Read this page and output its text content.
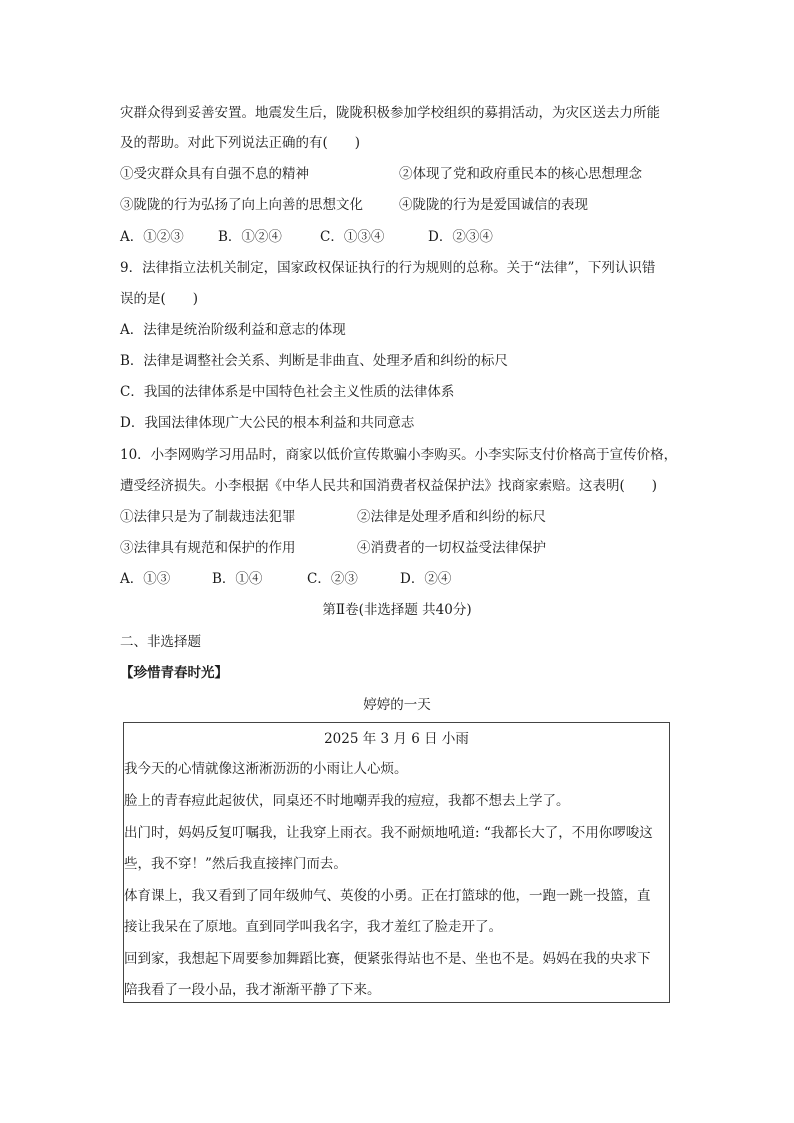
灾群众得到妥善安置。地震发生后，陇陇积极参加学校组织的募捐活动，为灾区送去力所能
及的帮助。对此下列说法正确的有(　　)
①受灾群众具有自强不息的精神	②体现了党和政府重民本的核心思想理念
③陇陇的行为弘扬了向上向善的思想文化	④陇陇的行为是爱国诚信的表现
A．①②③	B．①②④	C．①③④	D．②③④
9．法律指立法机关制定，国家政权保证执行的行为规则的总称。关于“法律”，下列认识错
误的是(　　)
A．法律是统治阶级利益和意志的体现
B．法律是调整社会关系、判断是非曲直、处理矛盾和纠纷的标尺
C．我国的法律体系是中国特色社会主义性质的法律体系
D．我国法律体现广大公民的根本利益和共同意志
10．小李网购学习用品时，商家以低价宣传欺骗小李购买。小李实际支付价格高于宣传价格，
遭受经济损失。小李根据《中华人民共和国消费者权益保护法》找商家索赔。这表明(　　)
①法律只是为了制裁违法犯罪	②法律是处理矛盾和纠纷的标尺
③法律具有规范和保护的作用	④消费者的一切权益受法律保护
A．①③	B．①④	C．②③	D．②④
第Ⅱ卷(非选择题 共40分)
二、非选择题
【珍惜青春时光】
婷婷的一天
2025 年 3 月 6 日 小雨
我今天的心情就像这淅淅沥沥的小雨让人心烦。
脸上的青春痘此起彼伏，同桌还不时地嘲弄我的痘痘，我都不想去上学了。
出门时，妈妈反复叮嘱我，让我穿上雨衣。我不耐烦地吼道: “我都长大了，不用你啰唆这
些，我不穿！”然后我直接摔门而去。
体育课上，我又看到了同年级帅气、英俊的小勇。正在打篮球的他，一跑一跳一投篮，直
接让我呆在了原地。直到同学叫我名字，我才羞红了脸走开了。
回到家，我想起下周要参加舞蹈比赛，便紧张得站也不是、坐也不是。妈妈在我的央求下
陪我看了一段小品，我才渐渐平静了下来。
